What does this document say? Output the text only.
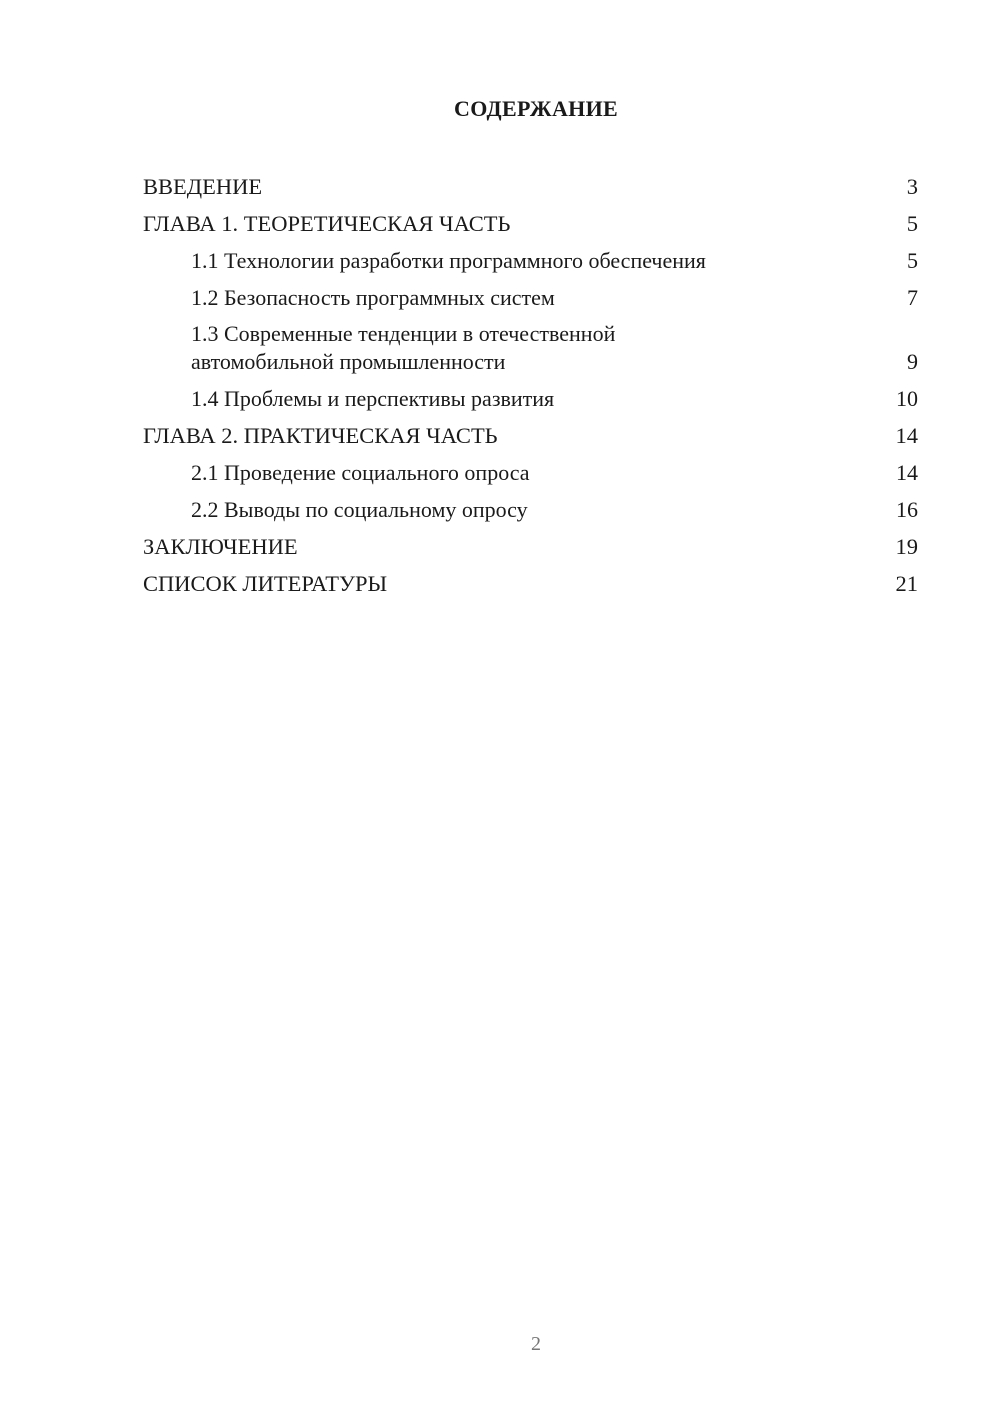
СОДЕРЖАНИЕ
ВВЕДЕНИЕ	3
ГЛАВА 1. ТЕОРЕТИЧЕСКАЯ ЧАСТЬ	5
1.1 Технологии разработки программного обеспечения	5
1.2 Безопасность программных систем	7
1.3 Современные тенденции в отечественной автомобильной промышленности	9
1.4 Проблемы и перспективы развития	10
ГЛАВА 2. ПРАКТИЧЕСКАЯ ЧАСТЬ	14
2.1 Проведение социального опроса	14
2.2 Выводы по социальному опросу	16
ЗАКЛЮЧЕНИЕ	19
СПИСОК ЛИТЕРАТУРЫ	21
2
